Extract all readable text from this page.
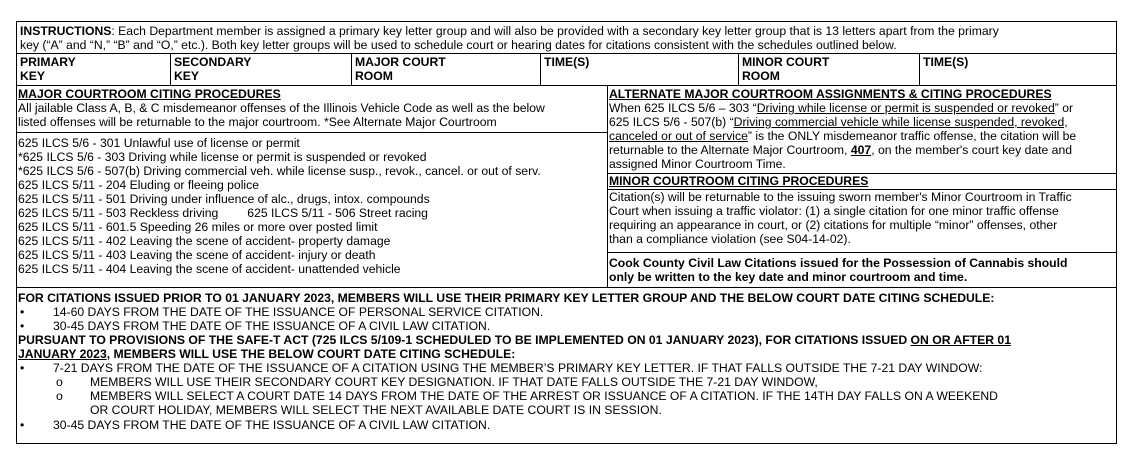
INSTRUCTIONS: Each Department member is assigned a primary key letter group and will also be provided with a secondary key letter group that is 13 letters apart from the primary
key (“A” and “N,” “B” and “O,” etc.). Both key letter groups will be used to schedule court or hearing dates for citations consistent with the schedules outlined below.
PRIMARY
KEY
SECONDARY
KEY
MAJOR COURT
ROOM
TIME(S)	MINOR COURT
ROOM
TIME(S)
MAJOR COURTROOM CITING PROCEDURES
All jailable Class A, B, & C misdemeanor offenses of the Illinois Vehicle Code as well as the below
listed offenses will be returnable to the major courtroom. *See Alternate Major Courtroom
625 ILCS 5/6 - 301 Unlawful use of license or permit
*625 ILCS 5/6 - 303 Driving while license or permit is suspended or revoked
*625 ILCS 5/6 - 507(b) Driving commercial veh. while license susp., revok., cancel. or out of serv.
625 ILCS 5/11 - 204 Eluding or fleeing police
625 ILCS 5/11 - 501 Driving under influence of alc., drugs, intox. compounds
625 ILCS 5/11 - 503 Reckless driving 625 ILCS 5/11 - 506 Street racing
625 ILCS 5/11 - 601.5 Speeding 26 miles or more over posted limit
625 ILCS 5/11 - 402 Leaving the scene of accident- property damage
625 ILCS 5/11 - 403 Leaving the scene of accident- injury or death
625 ILCS 5/11 - 404 Leaving the scene of accident- unattended vehicle
ALTERNATE MAJOR COURTROOM ASSIGNMENTS & CITING PROCEDURES
When 625 ILCS 5/6 – 303 “Driving while license or permit is suspended or revoked” or
625 ILCS 5/6 - 507(b) “Driving commercial vehicle while license suspended, revoked,
canceled or out of service” is the ONLY misdemeanor traffic offense, the citation will be
returnable to the Alternate Major Courtroom, 407, on the member's court key date and
assigned Minor Courtroom Time.
MINOR COURTROOM CITING PROCEDURES
Citation(s) will be returnable to the issuing sworn member's Minor Courtroom in Traffic
Court when issuing a traffic violator: (1) a single citation for one minor traffic offense
requiring an appearance in court, or (2) citations for multiple “minor” offenses, other
than a compliance violation (see S04-14-02).
Cook County Civil Law Citations issued for the Possession of Cannabis should
only be written to the key date and minor courtroom and time.
FOR CITATIONS ISSUED PRIOR TO 01 JANUARY 2023, MEMBERS WILL USE THEIR PRIMARY KEY LETTER GROUP AND THE BELOW COURT DATE CITING SCHEDULE:
• 14-60 DAYS FROM THE DATE OF THE ISSUANCE OF PERSONAL SERVICE CITATION.
• 30-45 DAYS FROM THE DATE OF THE ISSUANCE OF A CIVIL LAW CITATION.
PURSUANT TO PROVISIONS OF THE SAFE-T ACT (725 ILCS 5/109-1 SCHEDULED TO BE IMPLEMENTED ON 01 JANUARY 2023), FOR CITATIONS ISSUED ON OR AFTER 01
JANUARY 2023, MEMBERS WILL USE THE BELOW COURT DATE CITING SCHEDULE:
• 7-21 DAYS FROM THE DATE OF THE ISSUANCE OF A CITATION USING THE MEMBER’S PRIMARY KEY LETTER. IF THAT FALLS OUTSIDE THE 7-21 DAY WINDOW:
o MEMBERS WILL USE THEIR SECONDARY COURT KEY DESIGNATION. IF THAT DATE FALLS OUTSIDE THE 7-21 DAY WINDOW,
o MEMBERS WILL SELECT A COURT DATE 14 DAYS FROM THE DATE OF THE ARREST OR ISSUANCE OF A CITATION. IF THE 14TH DAY FALLS ON A WEEKEND
OR COURT HOLIDAY, MEMBERS WILL SELECT THE NEXT AVAILABLE DATE COURT IS IN SESSION.
• 30-45 DAYS FROM THE DATE OF THE ISSUANCE OF A CIVIL LAW CITATION.
